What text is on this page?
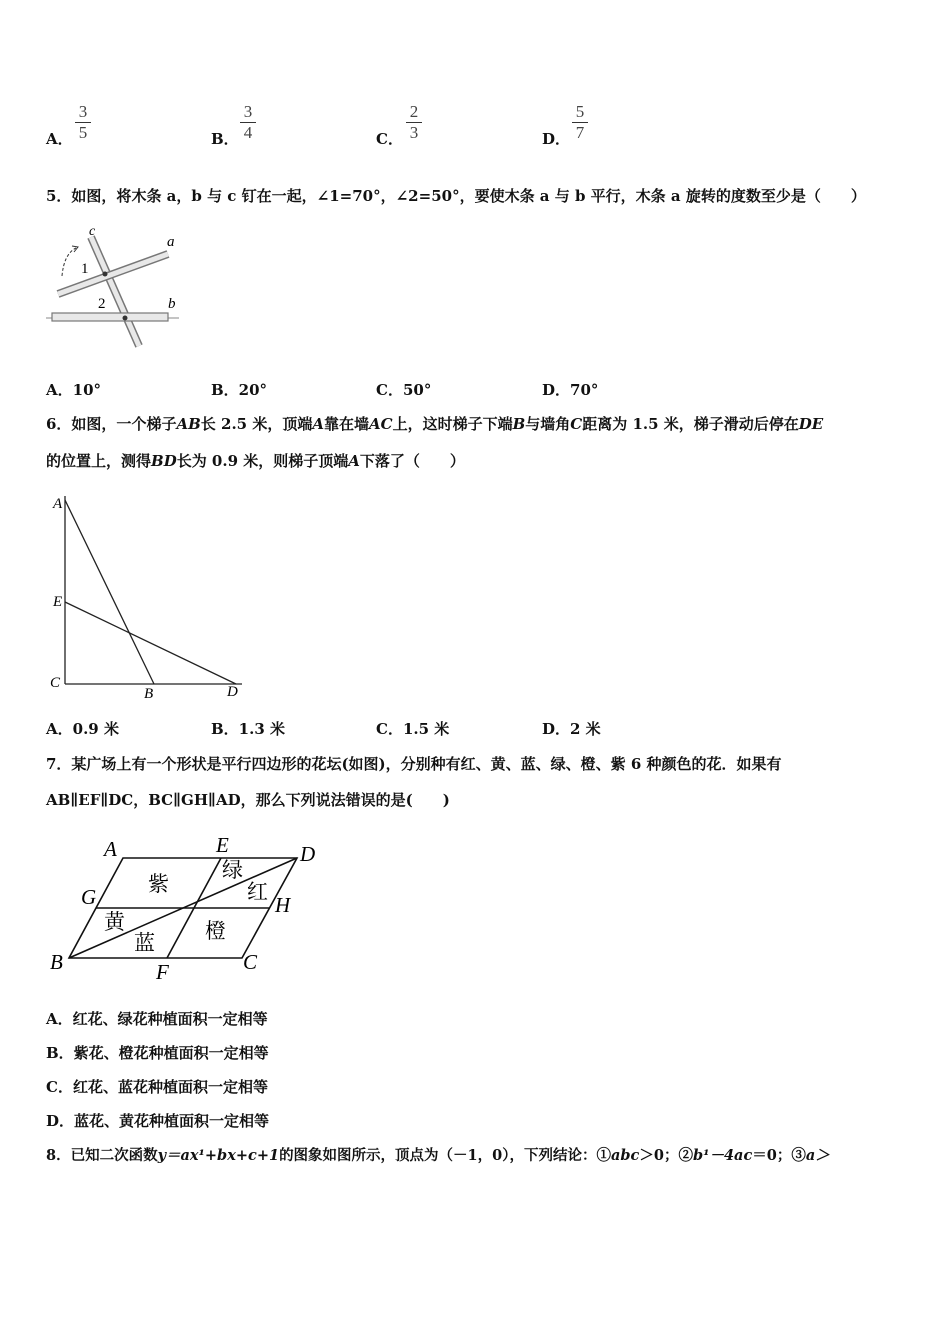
A．
3
5	B．
3
4	C．
2
3	D．
5
7
5．如图，将木条 a，b 与 c 钉在一起，∠1=70°，∠2=50°，要使木条 a 与 b 平行，木条 a 旋转的度数至少是（　　）
c
a
b
1
2
A．10°	B．20°	C．50°	D．70°
6．如图，一个梯子AB长 2.5 米，顶端A靠在墙AC上，这时梯子下端B与墙角C距离为 1.5 米，梯子滑动后停在DE
的位置上，测得BD长为 0.9 米，则梯子顶端A下落了（　　）
A
E
C
B	D
A．0.9 米	B．1.3 米	C．1.5 米	D．2 米
7．某广场上有一个形状是平行四边形的花坛(如图)，分别种有红、黄、蓝、绿、橙、紫 6 种颜色的花．如果有
AB∥EF∥DC，BC∥GH∥AD，那么下列说法错误的是(　　)
A	E	D
G	H
B	F	C
紫
绿
红
黄
蓝 橙
A．红花、绿花种植面积一定相等
B．紫花、橙花种植面积一定相等
C．红花、蓝花种植面积一定相等
D．蓝花、黄花种植面积一定相等
8．已知二次函数y＝ax¹+bx+c+1的图象如图所示，顶点为（－1，0），下列结论：①abc＞0；②b¹－4ac＝0；③a＞
